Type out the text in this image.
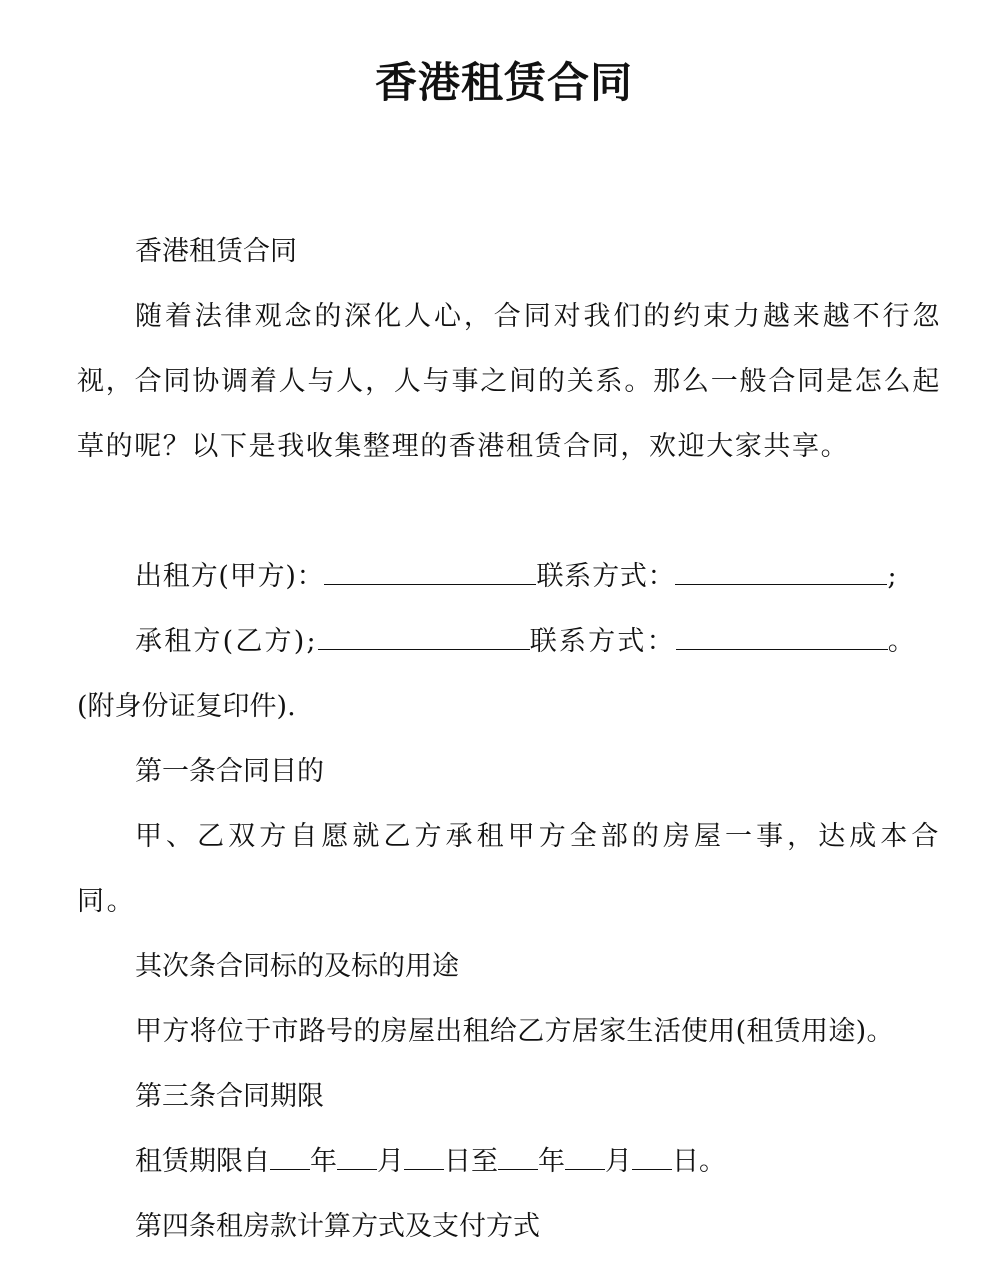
香港租赁合同

香港租赁合同

随着法律观念的深化人心，合同对我们的约束力越来越不行忽视，合同协调着人与人，人与事之间的关系。那么一般合同是怎么起草的呢？以下是我收集整理的香港租赁合同，欢迎大家共享。

出租方(甲方)：	联系方式：	;

承租方(乙方);	联系方式：	。

(附身份证复印件).

第一条合同目的

甲、乙双方自愿就乙方承租甲方全部的房屋一事，达成本合同。

其次条合同标的及标的用途

甲方将位于市路号的房屋出租给乙方居家生活使用(租赁用途)。

第三条合同期限

租赁期限自 年 月 日至 年 月 日。

第四条租房款计算方式及支付方式
